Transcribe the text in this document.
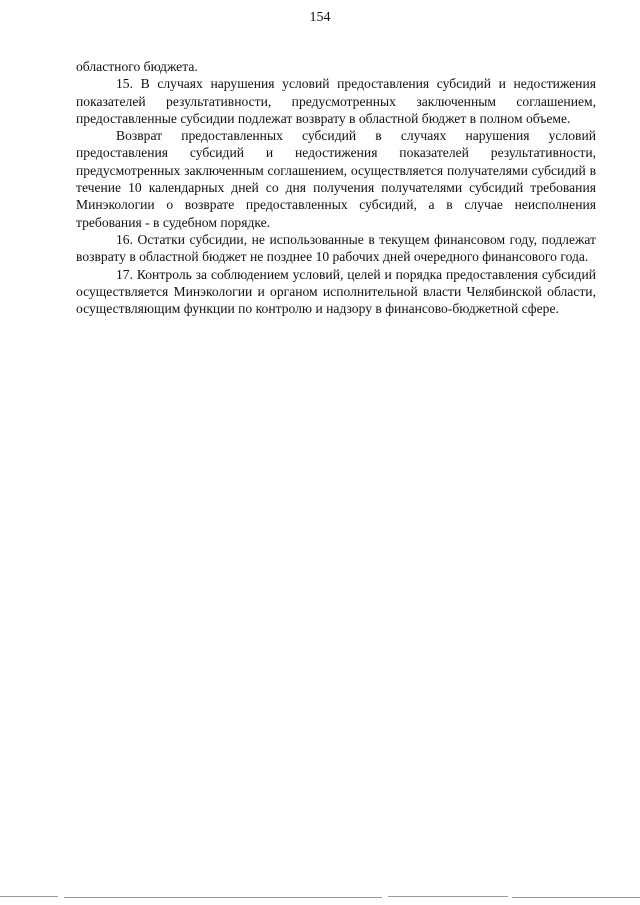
154

областного бюджета.

15. В случаях нарушения условий предоставления субсидий и недостижения показателей результативности, предусмотренных заключенным соглашением, предоставленные субсидии подлежат возврату в областной бюджет в полном объеме.

Возврат предоставленных субсидий в случаях нарушения условий предоставления субсидий и недостижения показателей результативности, предусмотренных заключенным соглашением, осуществляется получателями субсидий в течение 10 календарных дней со дня получения получателями субсидий требования Минэкологии о возврате предоставленных субсидий, а в случае неисполнения требования - в судебном порядке.

16. Остатки субсидии, не использованные в текущем финансовом году, подлежат возврату в областной бюджет не позднее 10 рабочих дней очередного финансового года.

17. Контроль за соблюдением условий, целей и порядка предоставления субсидий осуществляется Минэкологии и органом исполнительной власти Челябинской области, осуществляющим функции по контролю и надзору в финансово-бюджетной сфере.
